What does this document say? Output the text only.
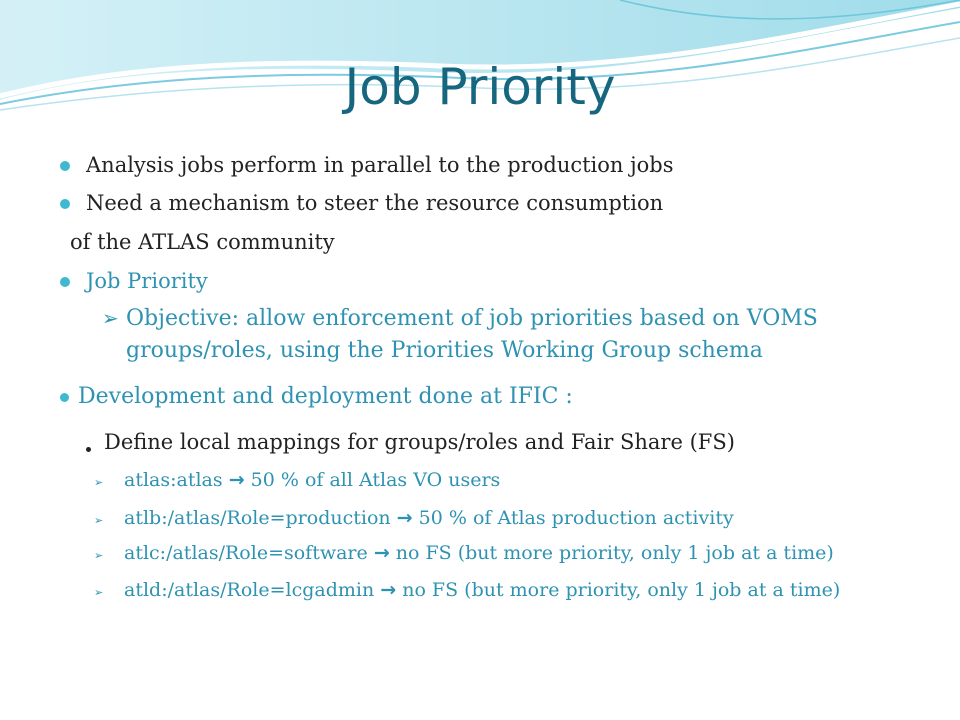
Job Priority
Analysis jobs perform in parallel to the production jobs
Need a mechanism to steer the resource consumption
of the ATLAS community
Job Priority
➢ Objective: allow enforcement of job priorities based on VOMS
groups/roles, using the Priorities Working Group schema
Development and deployment done at IFIC :
Define local mappings for groups/roles and Fair Share (FS)
➢ atlas:atlas → 50 % of all Atlas VO users
➢ atlb:/atlas/Role=production → 50 % of Atlas production activity
➢ atlc:/atlas/Role=software → no FS (but more priority, only 1 job at a time)
➢ atld:/atlas/Role=lcgadmin → no FS (but more priority, only 1 job at a time)
